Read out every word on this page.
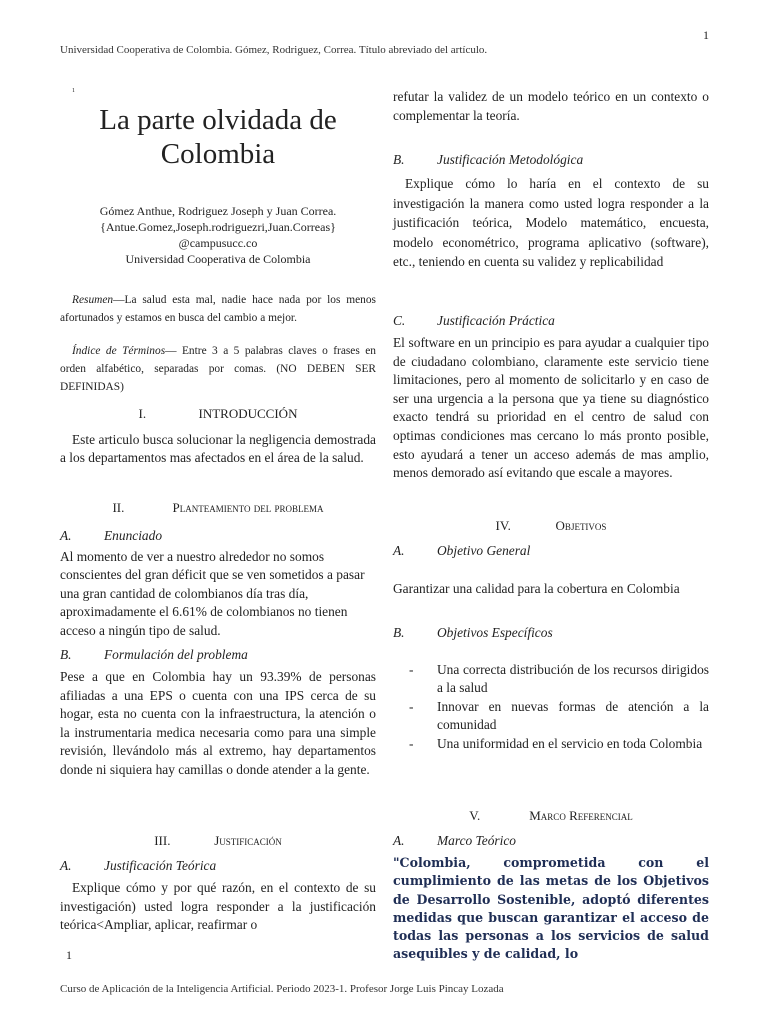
1
Universidad Cooperativa de Colombia. Gómez, Rodriguez, Correa. Título abreviado del artículo.
1
La parte olvidada de Colombia
Gómez Anthue, Rodriguez Joseph y Juan Correa.
{Antue.Gomez,Joseph.rodriguezri,Juan.Correas}
@campusucc.co
Universidad Cooperativa de Colombia
Resumen—La salud esta mal, nadie hace nada por los menos afortunados y estamos en busca del cambio a mejor.
Índice de Términos— Entre 3 a 5 palabras claves o frases en orden alfabético, separadas por comas. (NO DEBEN SER DEFINIDAS)
I.	INTRODUCCIÓN
Este articulo busca solucionar la negligencia demostrada a los departamentos mas afectados en el área de la salud.
II.	Planteamiento del problema
A. Enunciado
Al momento de ver a nuestro alrededor no somos conscientes del gran déficit que se ven sometidos a pasar una gran cantidad de colombianos día tras día, aproximadamente el 6.61% de colombianos no tienen acceso a ningún tipo de salud.
B. Formulación del problema
Pese a que en Colombia hay un 93.39% de personas afiliadas a una EPS o cuenta con una IPS cerca de su hogar, esta no cuenta con la infraestructura, la atención o la instrumentaria medica necesaria como para una simple revisión, llevándolo más al extremo, hay departamentos donde ni siquiera hay camillas o donde atender a la gente.
III.	Justificación
A. Justificación Teórica
Explique cómo y por qué razón, en el contexto de su investigación) usted logra responder a la justificación teórica<Ampliar, aplicar, reafirmar o
1
refutar la validez de un modelo teórico en un contexto o complementar la teoría.
B. Justificación Metodológica
Explique cómo lo haría en el contexto de su investigación la manera como usted logra responder a la justificación teórica, Modelo matemático, encuesta, modelo econométrico, programa aplicativo (software), etc., teniendo en cuenta su validez y replicabilidad
C. Justificación Práctica
El software en un principio es para ayudar a cualquier tipo de ciudadano colombiano, claramente este servicio tiene limitaciones, pero al momento de solicitarlo y en caso de ser una urgencia a la persona que ya tiene su diagnóstico exacto tendrá su prioridad en el centro de salud con optimas condiciones mas cercano lo más pronto posible, esto ayudará a tener un acceso además de mas amplio, menos demorado así evitando que escale a mayores.
IV.	Objetivos
A. Objetivo General
Garantizar una calidad para la cobertura en Colombia
B. Objetivos Específicos
- Una correcta distribución de los recursos dirigidos a la salud
- Innovar en nuevas formas de atención a la comunidad
- Una uniformidad en el servicio en toda Colombia
V.	Marco Referencial
A. Marco Teórico
"Colombia, comprometida con el cumplimiento de las metas de los Objetivos de Desarrollo Sostenible, adoptó diferentes medidas que buscan garantizar el acceso de todas las personas a los servicios de salud asequibles y de calidad, lo
Curso de Aplicación de la Inteligencia Artificial. Periodo 2023-1. Profesor Jorge Luis Pincay Lozada
